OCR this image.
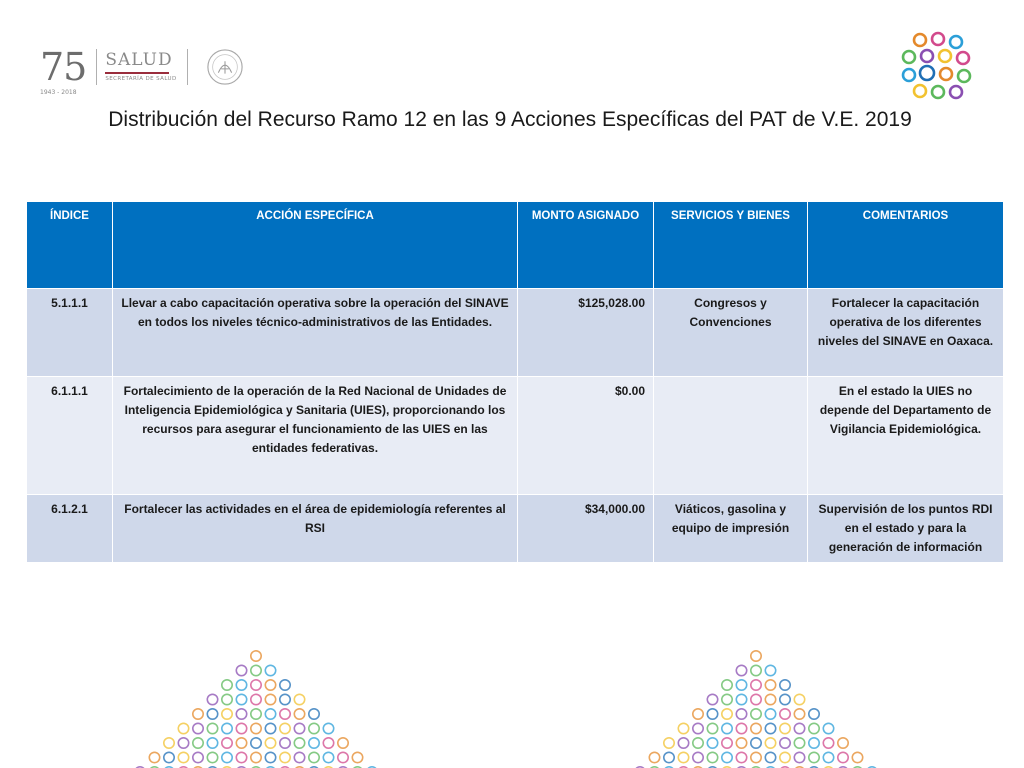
75
1943 - 2018
SALUD
SECRETARÍA DE SALUD
Distribución del Recurso Ramo 12 en las 9 Acciones Específicas del PAT de V.E. 2019
ÍNDICE	ACCIÓN ESPECÍFICA	MONTO ASIGNADO	SERVICIOS Y BIENES	COMENTARIOS
5.1.1.1	Llevar a cabo capacitación operativa sobre la operación del SINAVE en todos los niveles técnico-administrativos de las Entidades.	$125,028.00	Congresos y Convenciones	Fortalecer la capacitación operativa de los diferentes niveles del SINAVE en Oaxaca.
6.1.1.1	Fortalecimiento de la operación de la Red Nacional de Unidades de Inteligencia Epidemiológica y Sanitaria (UIES), proporcionando los recursos para asegurar el funcionamiento de las UIES en las entidades federativas.	$0.00		En el estado la UIES no depende del Departamento de Vigilancia Epidemiológica.
6.1.2.1	Fortalecer las actividades en el área de epidemiología referentes al RSI	$34,000.00	Viáticos, gasolina y equipo de impresión	Supervisión de los puntos RDI en el estado y para la generación de información
